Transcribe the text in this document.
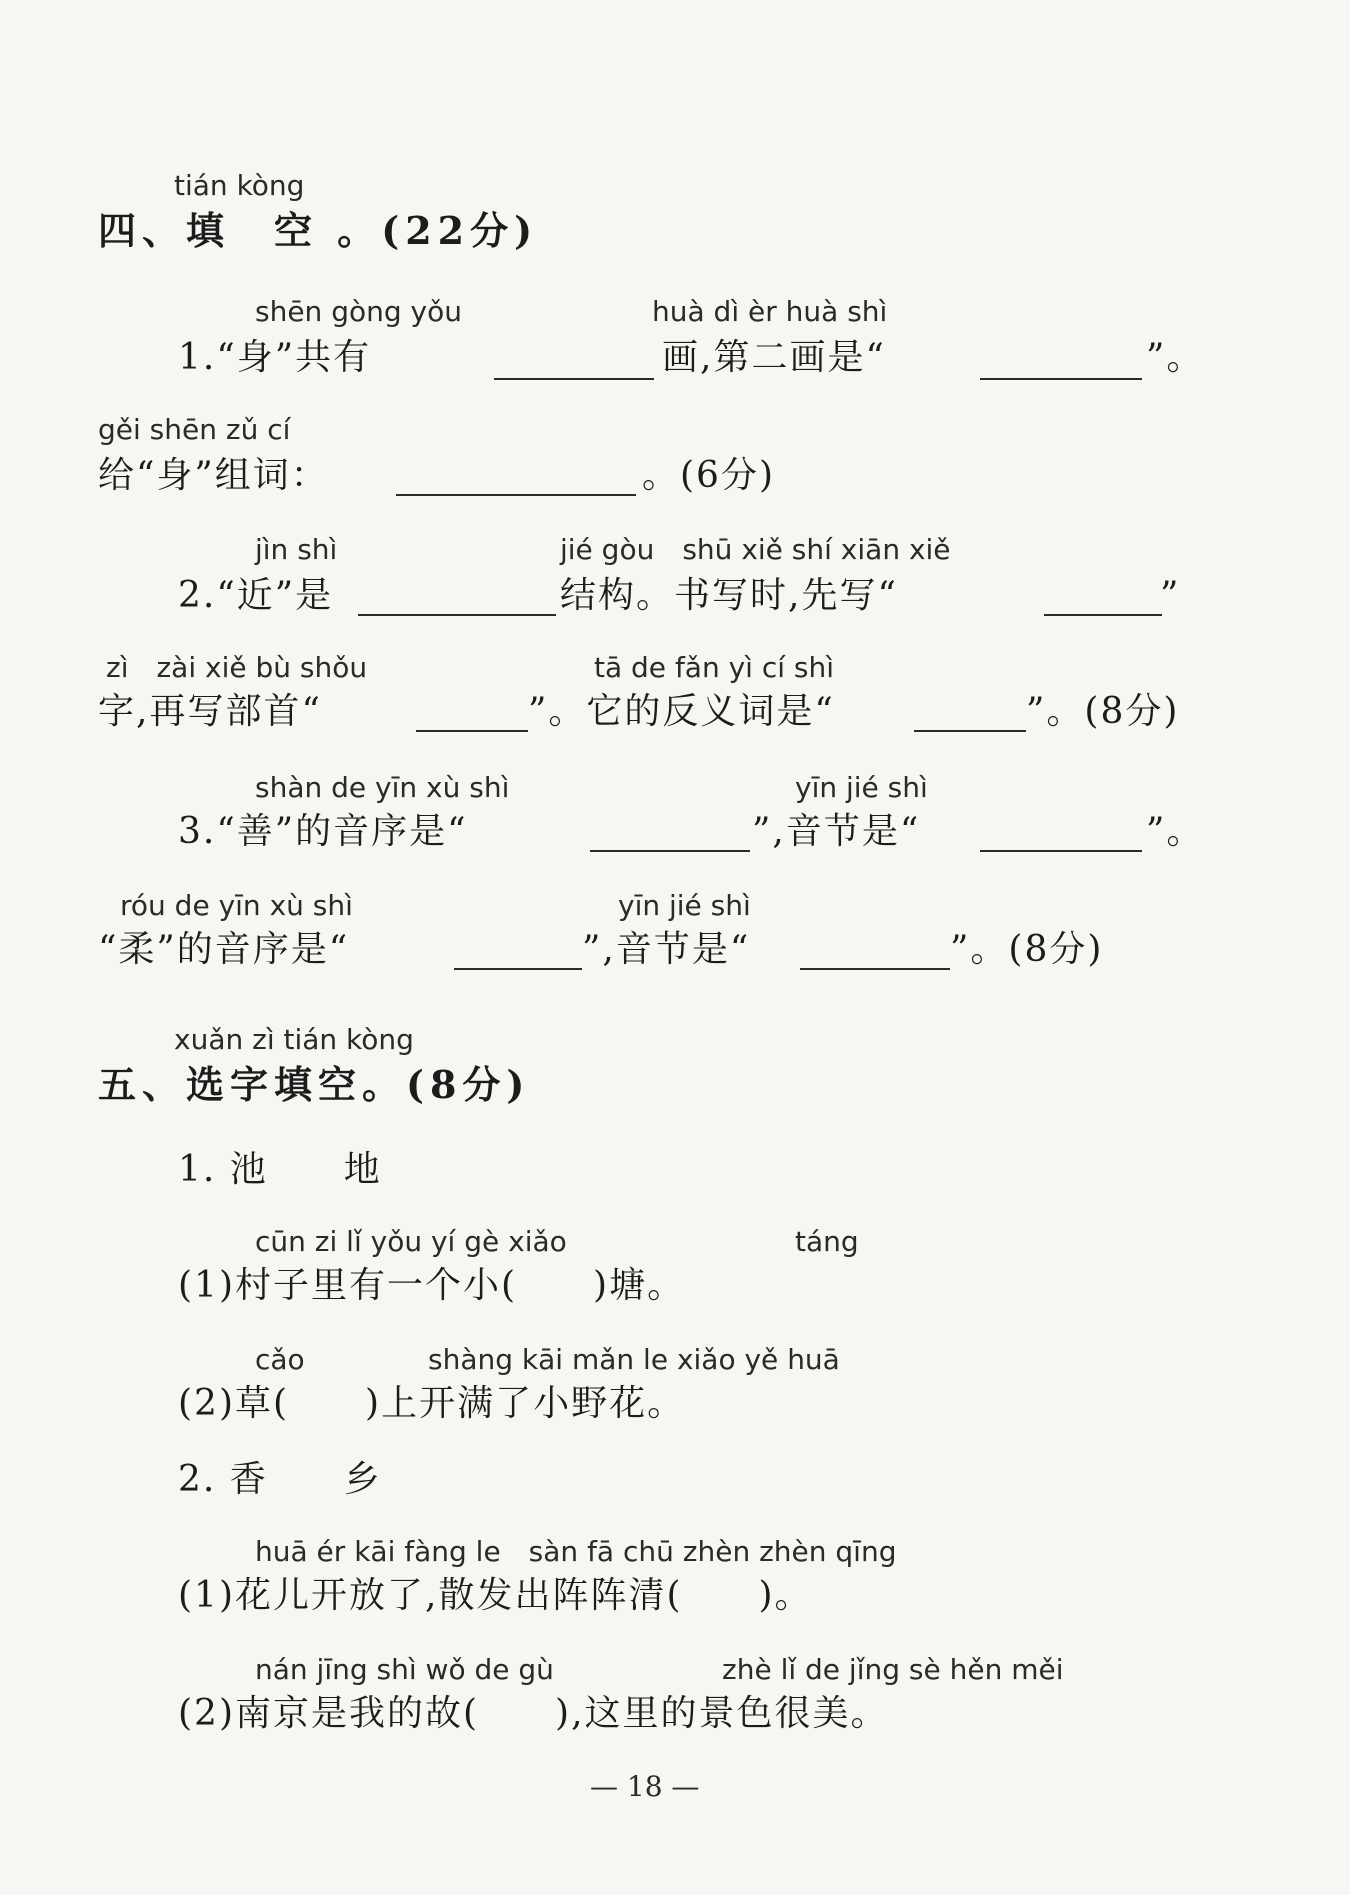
tián kòng
四、填　空 。(22分)
shēn gòng yǒu	huà dì èr huà shì
1.“身”共有	画,第二画是“	”。
gěi shēn zǔ cí
给“身”组词：	。(6分)
jìn shì	jié gòu　shū xiě shí xiān xiě
2.“近”是	结构。书写时,先写“	”
zì　zài xiě bù shǒu	tā de fǎn yì cí shì
字,再写部首“	”。它的反义词是“	”。(8分)
shàn de yīn xù shì	yīn jié shì
3.“善”的音序是“	”,音节是“	”。
róu de yīn xù shì	yīn jié shì
“柔”的音序是“	”,音节是“	”。(8分)
xuǎn zì tián kòng
五、选字填空。(8分)
1. 池　　地
cūn zi lǐ yǒu yí gè xiǎo	táng
(1)村子里有一个小(　　)塘。
cǎo	shàng kāi mǎn le xiǎo yě huā
(2)草(　　)上开满了小野花。
2. 香　　乡
huā ér kāi fàng le　sàn fā chū zhèn zhèn qīng
(1)花儿开放了,散发出阵阵清(　　)。
nán jīng shì wǒ de gù	zhè lǐ de jǐng sè hěn měi
(2)南京是我的故(　　),这里的景色很美。
— 18 —
